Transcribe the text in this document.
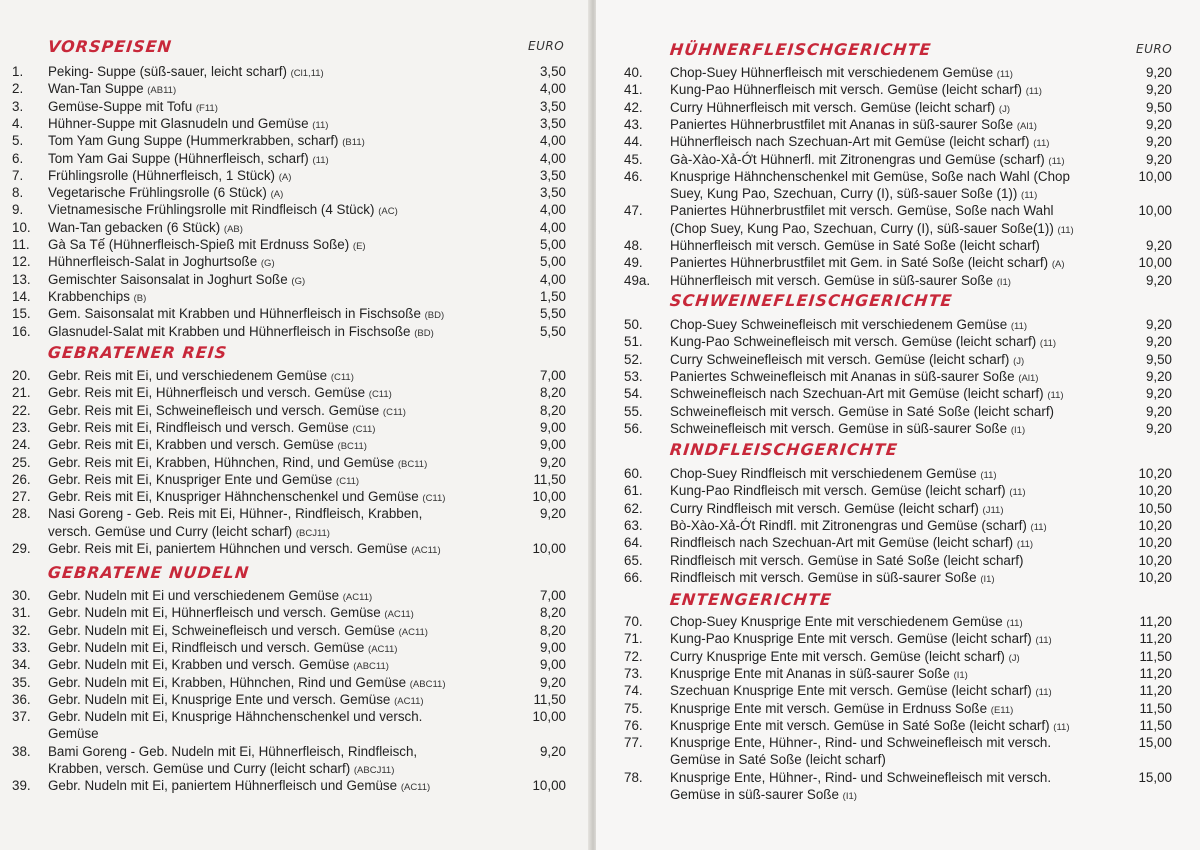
VORSPEISEN	EURO
1. Peking- Suppe (süß-sauer, leicht scharf) (Cl1,11)	3,50
2. Wan-Tan Suppe (AB11)	4,00
3. Gemüse-Suppe mit Tofu (F11)	3,50
4. Hühner-Suppe mit Glasnudeln und Gemüse (11)	3,50
5. Tom Yam Gung Suppe (Hummerkrabben, scharf) (B11)	4,00
6. Tom Yam Gai Suppe (Hühnerfleisch, scharf) (11)	4,00
7. Frühlingsrolle (Hühnerfleisch, 1 Stück) (A)	3,50
8. Vegetarische Frühlingsrolle (6 Stück) (A)	3,50
9. Vietnamesische Frühlingsrolle mit Rindfleisch (4 Stück) (AC)	4,00
10. Wan-Tan gebacken (6 Stück) (AB)	4,00
11. Gà Sa Tế (Hühnerfleisch-Spieß mit Erdnuss Soße) (E)	5,00
12. Hühnerfleisch-Salat in Joghurtsoße (G)	5,00
13. Gemischter Saisonsalat in Joghurt Soße (G)	4,00
14. Krabbenchips (B)	1,50
15. Gem. Saisonsalat mit Krabben und Hühnerfleisch in Fischsoße (BD)	5,50
16. Glasnudel-Salat mit Krabben und Hühnerfleisch in Fischsoße (BD)	5,50
GEBRATENER REIS
20. Gebr. Reis mit Ei, und verschiedenem Gemüse (C11)	7,00
21. Gebr. Reis mit Ei, Hühnerfleisch und versch. Gemüse (C11)	8,20
22. Gebr. Reis mit Ei, Schweinefleisch und versch. Gemüse (C11)	8,20
23. Gebr. Reis mit Ei, Rindfleisch und versch. Gemüse (C11)	9,00
24. Gebr. Reis mit Ei, Krabben und versch. Gemüse (BC11)	9,00
25. Gebr. Reis mit Ei, Krabben, Hühnchen, Rind, und Gemüse (BC11)	9,20
26. Gebr. Reis mit Ei, Knuspriger Ente und Gemüse (C11)	11,50
27. Gebr. Reis mit Ei, Knuspriger Hähnchenschenkel und Gemüse (C11)	10,00
28. Nasi Goreng - Geb. Reis mit Ei, Hühner-, Rindfleisch, Krabben,
versch. Gemüse und Curry (leicht scharf) (BCJ11)
9,20
29. Gebr. Reis mit Ei, paniertem Hühnchen und versch. Gemüse (AC11)	10,00
GEBRATENE NUDELN
30. Gebr. Nudeln mit Ei und verschiedenem Gemüse (AC11)	7,00
31. Gebr. Nudeln mit Ei, Hühnerfleisch und versch. Gemüse (AC11)	8,20
32. Gebr. Nudeln mit Ei, Schweinefleisch und versch. Gemüse (AC11)	8,20
33. Gebr. Nudeln mit Ei, Rindfleisch und versch. Gemüse (AC11)	9,00
34. Gebr. Nudeln mit Ei, Krabben und versch. Gemüse (ABC11)	9,00
35. Gebr. Nudeln mit Ei, Krabben, Hühnchen, Rind und Gemüse (ABC11)	9,20
36. Gebr. Nudeln mit Ei, Knusprige Ente und versch. Gemüse (AC11)	11,50
37. Gebr. Nudeln mit Ei, Knusprige Hähnchenschenkel und versch.
Gemüse
10,00
38. Bami Goreng - Geb. Nudeln mit Ei, Hühnerfleisch, Rindfleisch,
Krabben, versch. Gemüse und Curry (leicht scharf) (ABCJ11)
9,20
39. Gebr. Nudeln mit Ei, paniertem Hühnerfleisch und Gemüse (AC11)	10,00
HÜHNERFLEISCHGERICHTE	EURO
40. Chop-Suey Hühnerfleisch mit verschiedenem Gemüse (11)	9,20
41. Kung-Pao Hühnerfleisch mit versch. Gemüse (leicht scharf) (11)	9,20
42. Curry Hühnerfleisch mit versch. Gemüse (leicht scharf) (J)	9,50
43. Paniertes Hühnerbrustfilet mit Ananas in süß-saurer Soße (Al1)	9,20
44. Hühnerfleisch nach Szechuan-Art mit Gemüse (leicht scharf) (11)	9,20
45. Gà-Xào-Xả-Ớt Hühnerfl. mit Zitronengras und Gemüse (scharf) (11)	9,20
46. Knusprige Hähnchenschenkel mit Gemüse, Soße nach Wahl (Chop
Suey, Kung Pao, Szechuan, Curry (I), süß-sauer Soße (1)) (11)
10,00
47. Paniertes Hühnerbrustfilet mit versch. Gemüse, Soße nach Wahl
(Chop Suey, Kung Pao, Szechuan, Curry (I), süß-sauer Soße(1)) (11)
10,00
48. Hühnerfleisch mit versch. Gemüse in Saté Soße (leicht scharf)	9,20
49. Paniertes Hühnerbrustfilet mit Gem. in Saté Soße (leicht scharf) (A)	10,00
49a. Hühnerfleisch mit versch. Gemüse in süß-saurer Soße (I1)	9,20
SCHWEINEFLEISCHGERICHTE
50. Chop-Suey Schweinefleisch mit verschiedenem Gemüse (11)	9,20
51. Kung-Pao Schweinefleisch mit versch. Gemüse (leicht scharf) (11)	9,20
52. Curry Schweinefleisch mit versch. Gemüse (leicht scharf) (J)	9,50
53. Paniertes Schweinefleisch mit Ananas in süß-saurer Soße (Al1)	9,20
54. Schweinefleisch nach Szechuan-Art mit Gemüse (leicht scharf) (11)	9,20
55. Schweinefleisch mit versch. Gemüse in Saté Soße (leicht scharf)	9,20
56. Schweinefleisch mit versch. Gemüse in süß-saurer Soße (I1)	9,20
RINDFLEISCHGERICHTE
60. Chop-Suey Rindfleisch mit verschiedenem Gemüse (11)	10,20
61. Kung-Pao Rindfleisch mit versch. Gemüse (leicht scharf) (11)	10,20
62. Curry Rindfleisch mit versch. Gemüse (leicht scharf) (J11)	10,50
63. Bò-Xào-Xả-Ớt Rindfl. mit Zitronengras und Gemüse (scharf) (11)	10,20
64. Rindfleisch nach Szechuan-Art mit Gemüse (leicht scharf) (11)	10,20
65. Rindfleisch mit versch. Gemüse in Saté Soße (leicht scharf)	10,20
66. Rindfleisch mit versch. Gemüse in süß-saurer Soße (I1)	10,20
ENTENGERICHTE
70. Chop-Suey Knusprige Ente mit verschiedenem Gemüse (11)	11,20
71. Kung-Pao Knusprige Ente mit versch. Gemüse (leicht scharf) (11)	11,20
72. Curry Knusprige Ente mit versch. Gemüse (leicht scharf) (J)	11,50
73. Knusprige Ente mit Ananas in süß-saurer Soße (I1)	11,20
74. Szechuan Knusprige Ente mit versch. Gemüse (leicht scharf) (11)	11,20
75. Knusprige Ente mit versch. Gemüse in Erdnuss Soße (E11)	11,50
76. Knusprige Ente mit versch. Gemüse in Saté Soße (leicht scharf) (11)	11,50
77. Knusprige Ente, Hühner-, Rind- und Schweinefleisch mit versch.
Gemüse in Saté Soße (leicht scharf)
15,00
78. Knusprige Ente, Hühner-, Rind- und Schweinefleisch mit versch.
Gemüse in süß-saurer Soße (I1)
15,00
